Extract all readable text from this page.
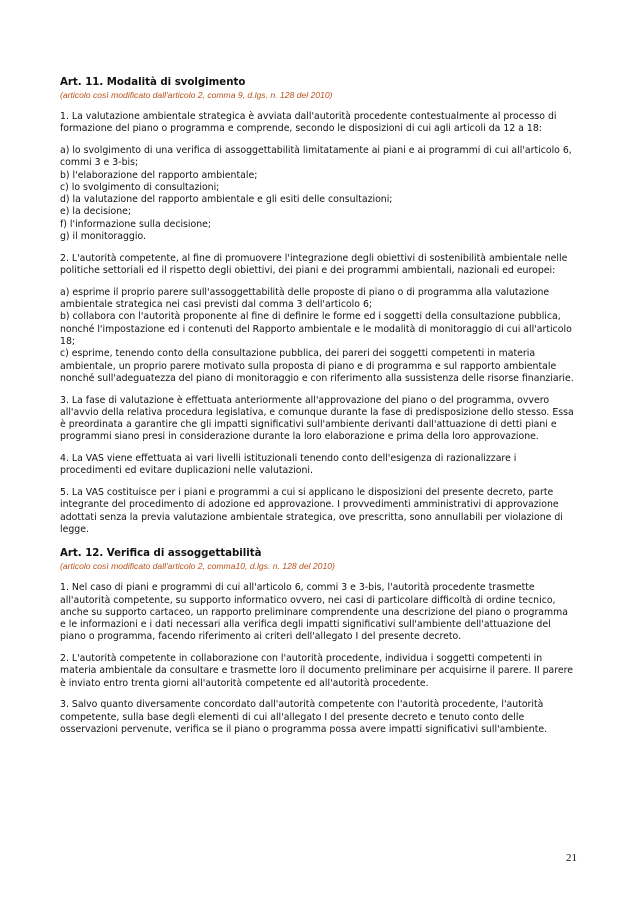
Art. 11. Modalità di svolgimento

(articolo così modificato dall'articolo 2, comma 9, d.lgs. n. 128 del 2010)

1. La valutazione ambientale strategica è avviata dall'autorità procedente contestualmente al processo di
formazione del piano o programma e comprende, secondo le disposizioni di cui agli articoli da 12 a 18:

a) lo svolgimento di una verifica di assoggettabilità limitatamente ai piani e ai programmi di cui all'articolo 6,
commi 3 e 3-bis;
b) l'elaborazione del rapporto ambientale;
c) lo svolgimento di consultazioni;
d) la valutazione del rapporto ambientale e gli esiti delle consultazioni;
e) la decisione;
f) l'informazione sulla decisione;
g) il monitoraggio.

2. L'autorità competente, al fine di promuovere l'integrazione degli obiettivi di sostenibilità ambientale nelle
politiche settoriali ed il rispetto degli obiettivi, dei piani e dei programmi ambientali, nazionali ed europei:

a) esprime il proprio parere sull'assoggettabilità delle proposte di piano o di programma alla valutazione
ambientale strategica nei casi previsti dal comma 3 dell'articolo 6;
b) collabora con l'autorità proponente al fine di definire le forme ed i soggetti della consultazione pubblica,
nonché l'impostazione ed i contenuti del Rapporto ambientale e le modalità di monitoraggio di cui all'articolo
18;
c) esprime, tenendo conto della consultazione pubblica, dei pareri dei soggetti competenti in materia
ambientale, un proprio parere motivato sulla proposta di piano e di programma e sul rapporto ambientale
nonché sull'adeguatezza del piano di monitoraggio e con riferimento alla sussistenza delle risorse finanziarie.

3. La fase di valutazione è effettuata anteriormente all'approvazione del piano o del programma, ovvero
all'avvio della relativa procedura legislativa, e comunque durante la fase di predisposizione dello stesso. Essa
è preordinata a garantire che gli impatti significativi sull'ambiente derivanti dall'attuazione di detti piani e
programmi siano presi in considerazione durante la loro elaborazione e prima della loro approvazione.

4. La VAS viene effettuata ai vari livelli istituzionali tenendo conto dell'esigenza di razionalizzare i
procedimenti ed evitare duplicazioni nelle valutazioni.

5. La VAS costituisce per i piani e programmi a cui si applicano le disposizioni del presente decreto, parte
integrante del procedimento di adozione ed approvazione. I provvedimenti amministrativi di approvazione
adottati senza la previa valutazione ambientale strategica, ove prescritta, sono annullabili per violazione di
legge.

Art. 12. Verifica di assoggettabilità

(articolo così modificato dall'articolo 2, comma10, d.lgs. n. 128 del 2010)

1. Nel caso di piani e programmi di cui all'articolo 6, commi 3 e 3-bis, l'autorità procedente trasmette
all'autorità competente, su supporto informatico ovvero, nei casi di particolare difficoltà di ordine tecnico,
anche su supporto cartaceo, un rapporto preliminare comprendente una descrizione del piano o programma
e le informazioni e i dati necessari alla verifica degli impatti significativi sull'ambiente dell'attuazione del
piano o programma, facendo riferimento ai criteri dell'allegato I del presente decreto.

2. L'autorità competente in collaborazione con l'autorità procedente, individua i soggetti competenti in
materia ambientale da consultare e trasmette loro il documento preliminare per acquisirne il parere. Il parere
è inviato entro trenta giorni all'autorità competente ed all'autorità procedente.

3. Salvo quanto diversamente concordato dall'autorità competente con l'autorità procedente, l'autorità
competente, sulla base degli elementi di cui all'allegato I del presente decreto e tenuto conto delle
osservazioni pervenute, verifica se il piano o programma possa avere impatti significativi sull'ambiente.

21
